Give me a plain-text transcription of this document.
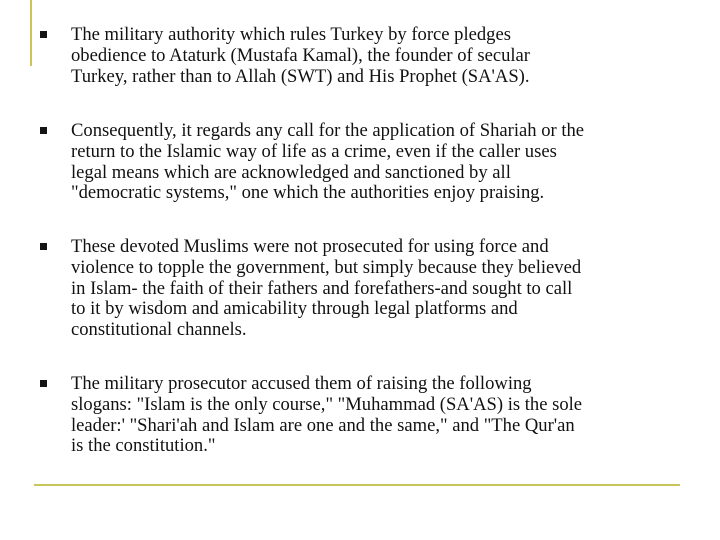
The military authority which rules Turkey by force pledges
obedience to Ataturk (Mustafa Kamal), the founder of secular
Turkey, rather than to Allah (SWT) and His Prophet (SA'AS).
Consequently, it regards any call for the application of Shariah or the
return to the Islamic way of life as a crime, even if the caller uses
legal means which are acknowledged and sanctioned by all
"democratic systems," one which the authorities enjoy praising.
These devoted Muslims were not prosecuted for using force and
violence to topple the government, but simply because they believed
in Islam- the faith of their fathers and forefathers-and sought to call
to it by wisdom and amicability through legal platforms and
constitutional channels.
The military prosecutor accused them of raising the following
slogans: "Islam is the only course," "Muhammad (SA'AS) is the sole
leader:' "Shari'ah and Islam are one and the same," and "The Qur'an
is the constitution."
